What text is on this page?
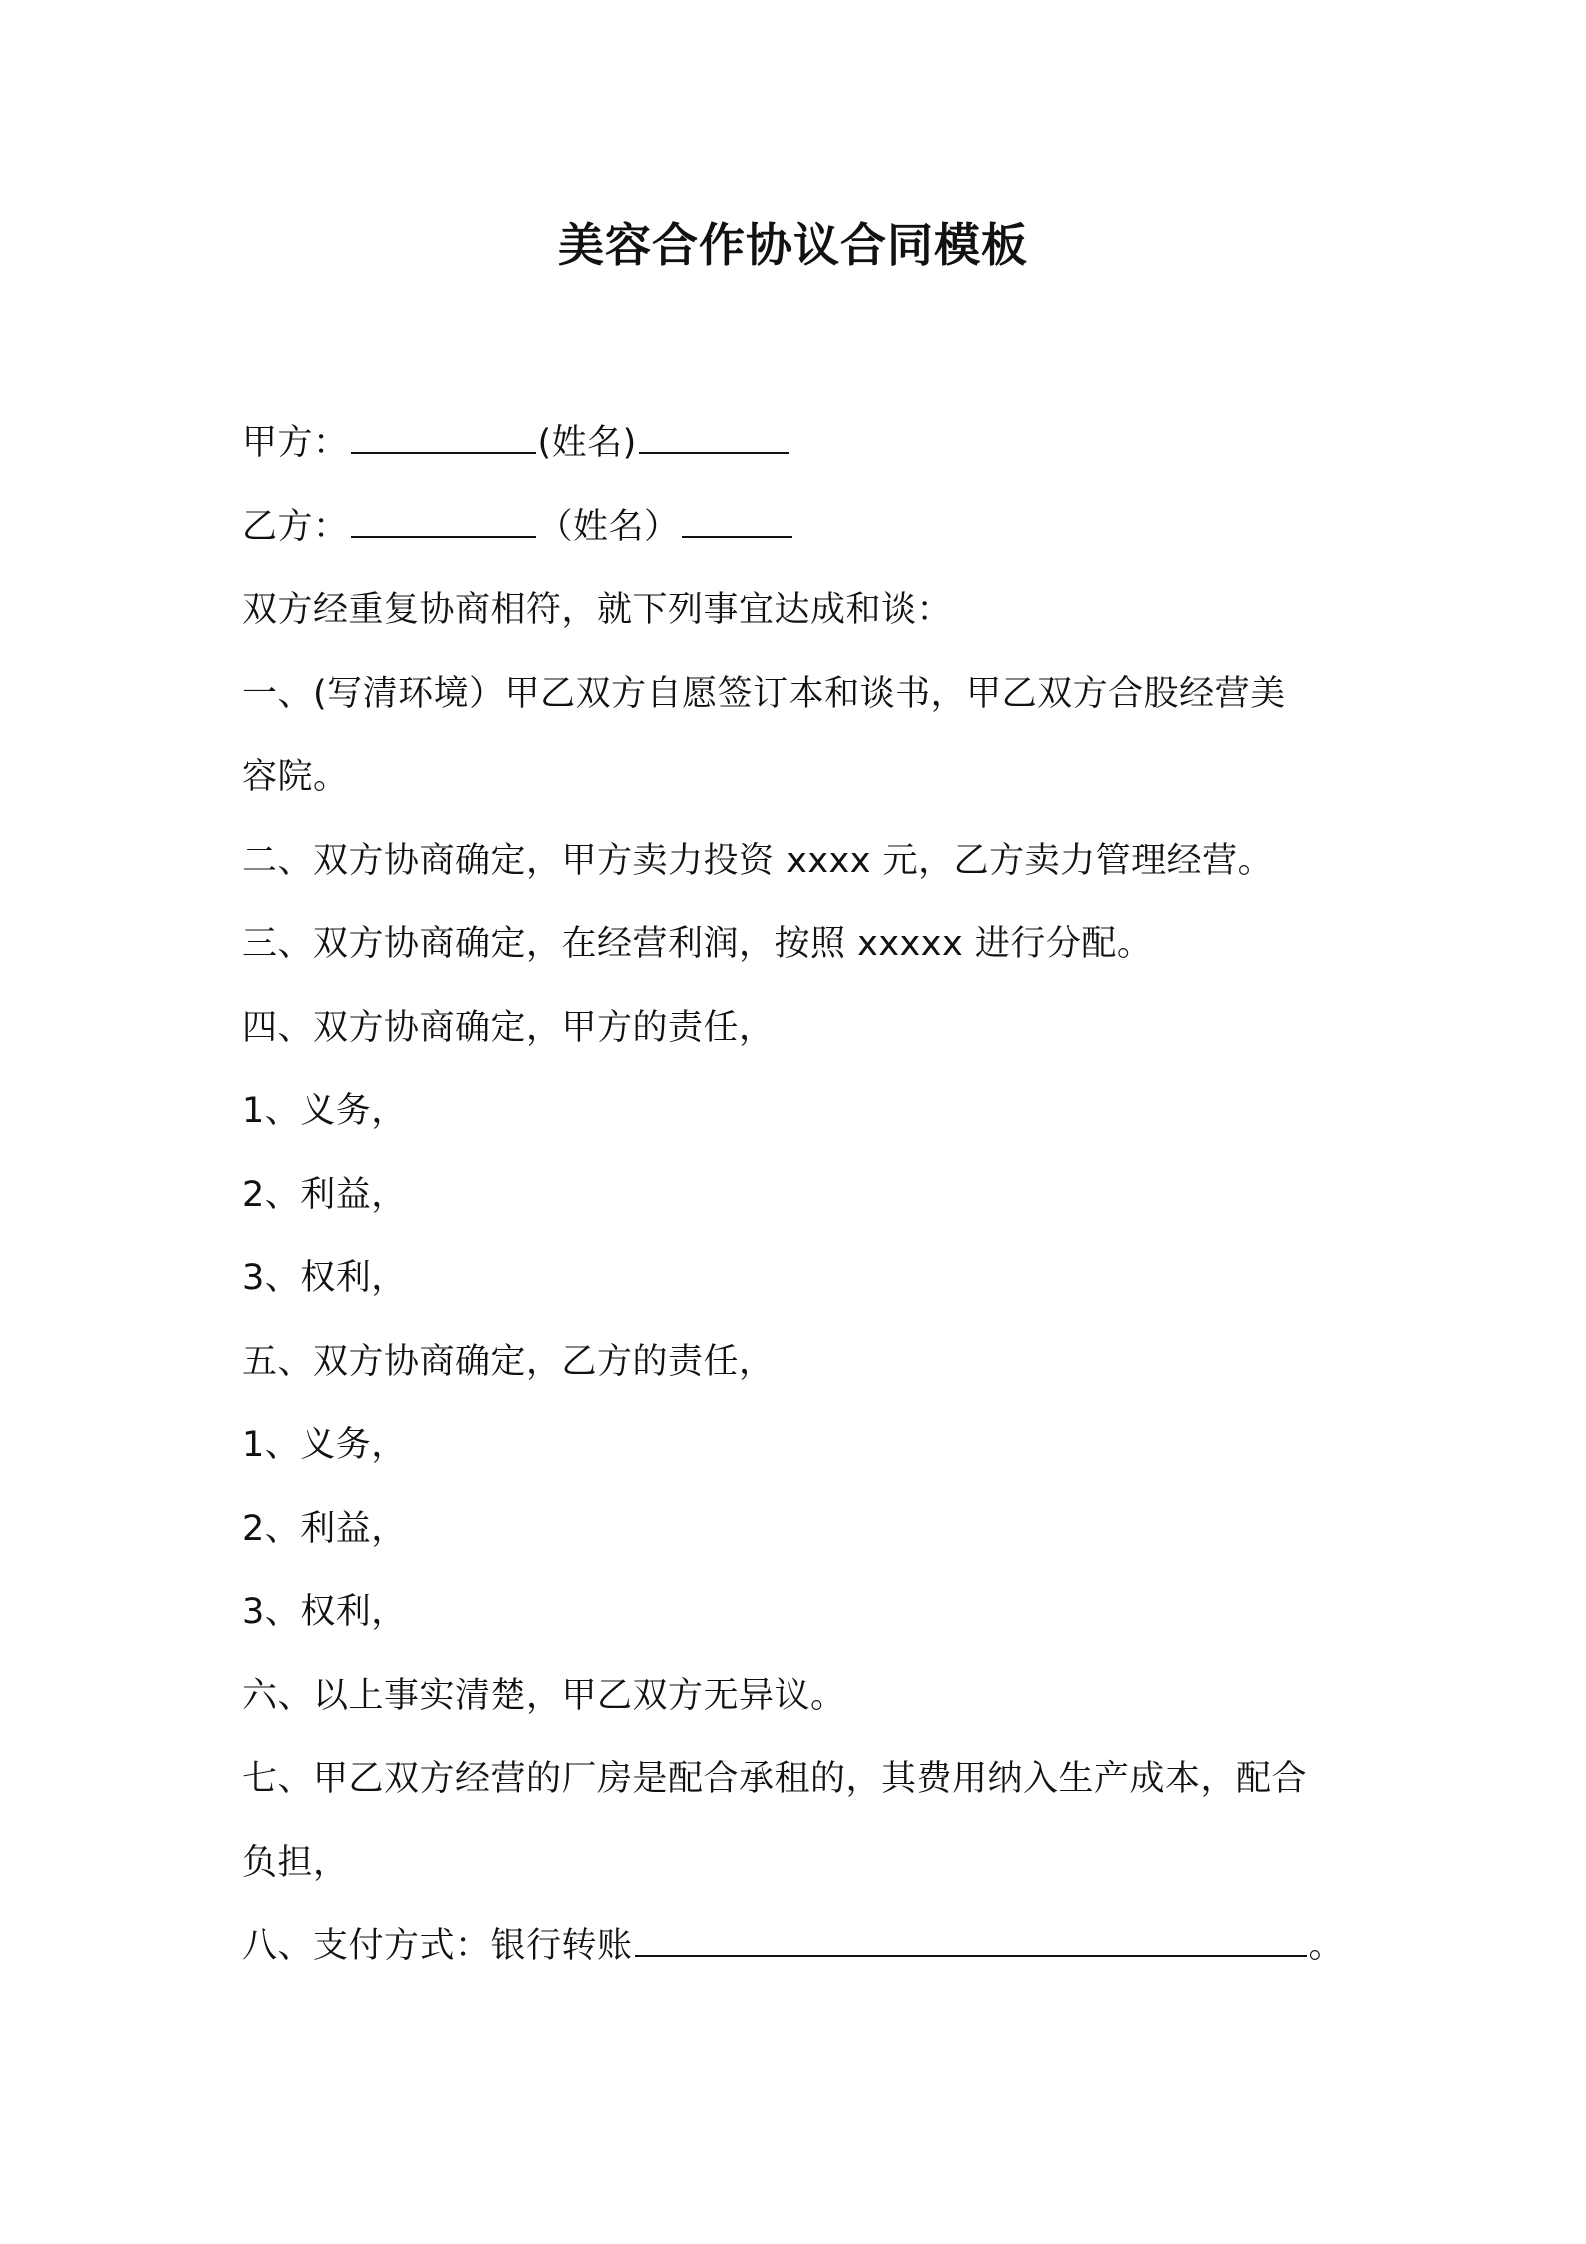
美容合作协议合同模板
甲方：	(姓名)
乙方：	（姓名）
双方经重复协商相符，就下列事宜达成和谈：
一、(写清环境）甲乙双方自愿签订本和谈书，甲乙双方合股经营美
容院。
二、双方协商确定，甲方卖力投资 xxxx 元，乙方卖力管理经营。
三、双方协商确定，在经营利润，按照 xxxxx 进行分配。
四、双方协商确定，甲方的责任，
1、义务，
2、利益，
3、权利，
五、双方协商确定，乙方的责任，
1、义务，
2、利益，
3、权利，
六、以上事实清楚，甲乙双方无异议。
七、甲乙双方经营的厂房是配合承租的，其费用纳入生产成本，配合
负担，
八、支付方式：银行转账	。
